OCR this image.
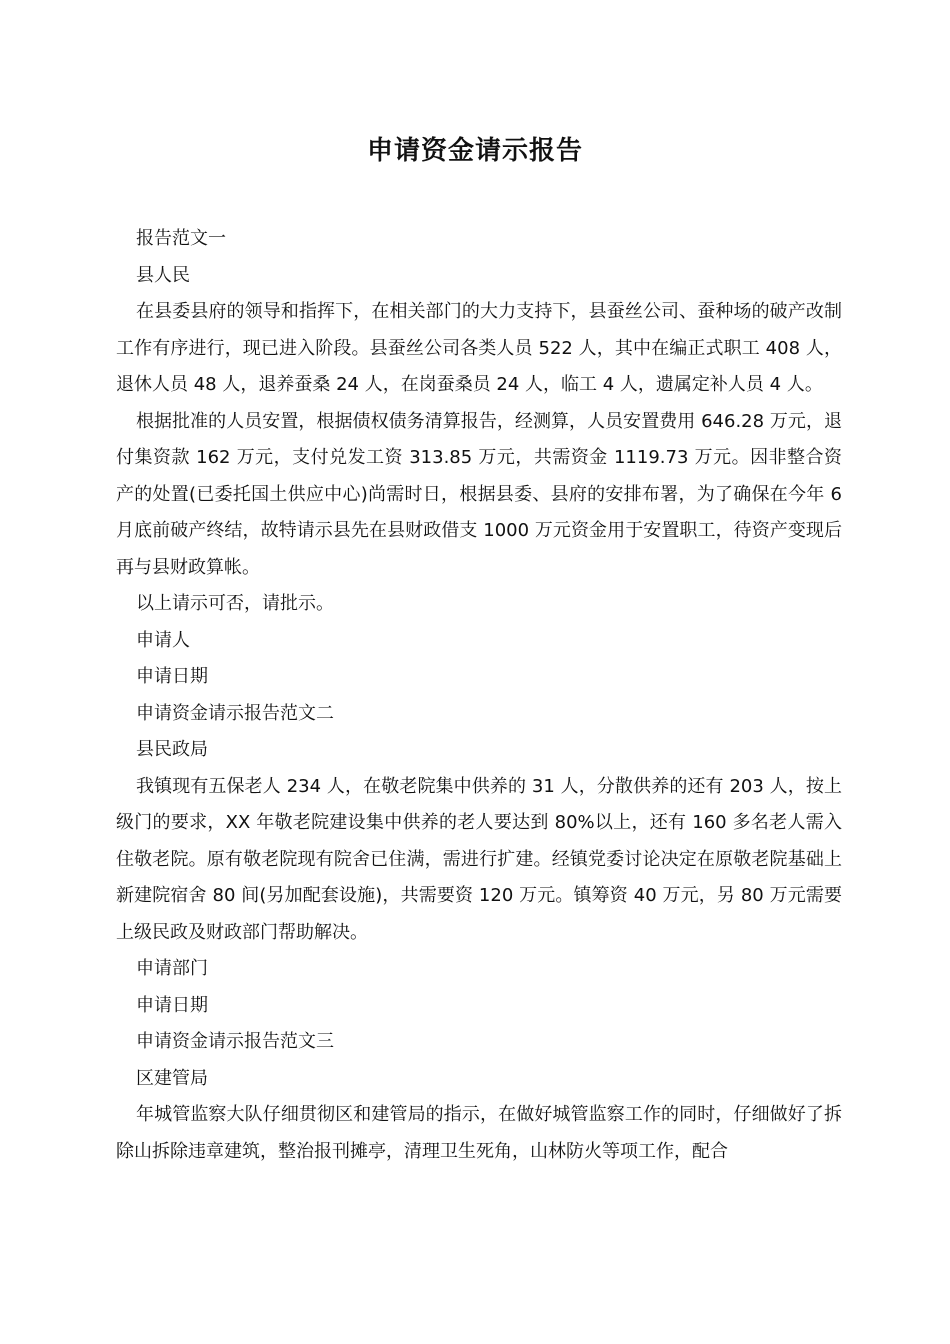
申请资金请示报告

报告范文一

县人民

在县委县府的领导和指挥下，在相关部门的大力支持下，县蚕丝公司、蚕种场的破产改制工作有序进行，现已进入阶段。县蚕丝公司各类人员 522 人，其中在编正式职工 408 人，退休人员 48 人，退养蚕桑 24 人，在岗蚕桑员 24 人，临工 4 人，遗属定补人员 4 人。

根据批准的人员安置，根据债权债务清算报告，经测算，人员安置费用 646.28 万元，退付集资款 162 万元，支付兑发工资 313.85 万元，共需资金 1119.73 万元。因非整合资产的处置(已委托国土供应中心)尚需时日，根据县委、县府的安排布署，为了确保在今年 6 月底前破产终结，故特请示县先在县财政借支 1000 万元资金用于安置职工，待资产变现后再与县财政算帐。

以上请示可否，请批示。

申请人

申请日期

申请资金请示报告范文二

县民政局

我镇现有五保老人 234 人，在敬老院集中供养的 31 人，分散供养的还有 203 人，按上级门的要求，XX 年敬老院建设集中供养的老人要达到 80%以上，还有 160 多名老人需入住敬老院。原有敬老院现有院舍已住满，需进行扩建。经镇党委讨论决定在原敬老院基础上新建院宿舍 80 间(另加配套设施)，共需要资 120 万元。镇筹资 40 万元，另 80 万元需要上级民政及财政部门帮助解决。

申请部门

申请日期

申请资金请示报告范文三

区建管局

年城管监察大队仔细贯彻区和建管局的指示，在做好城管监察工作的同时，仔细做好了拆除山拆除违章建筑，整治报刊摊亭，清理卫生死角，山林防火等项工作，配合
